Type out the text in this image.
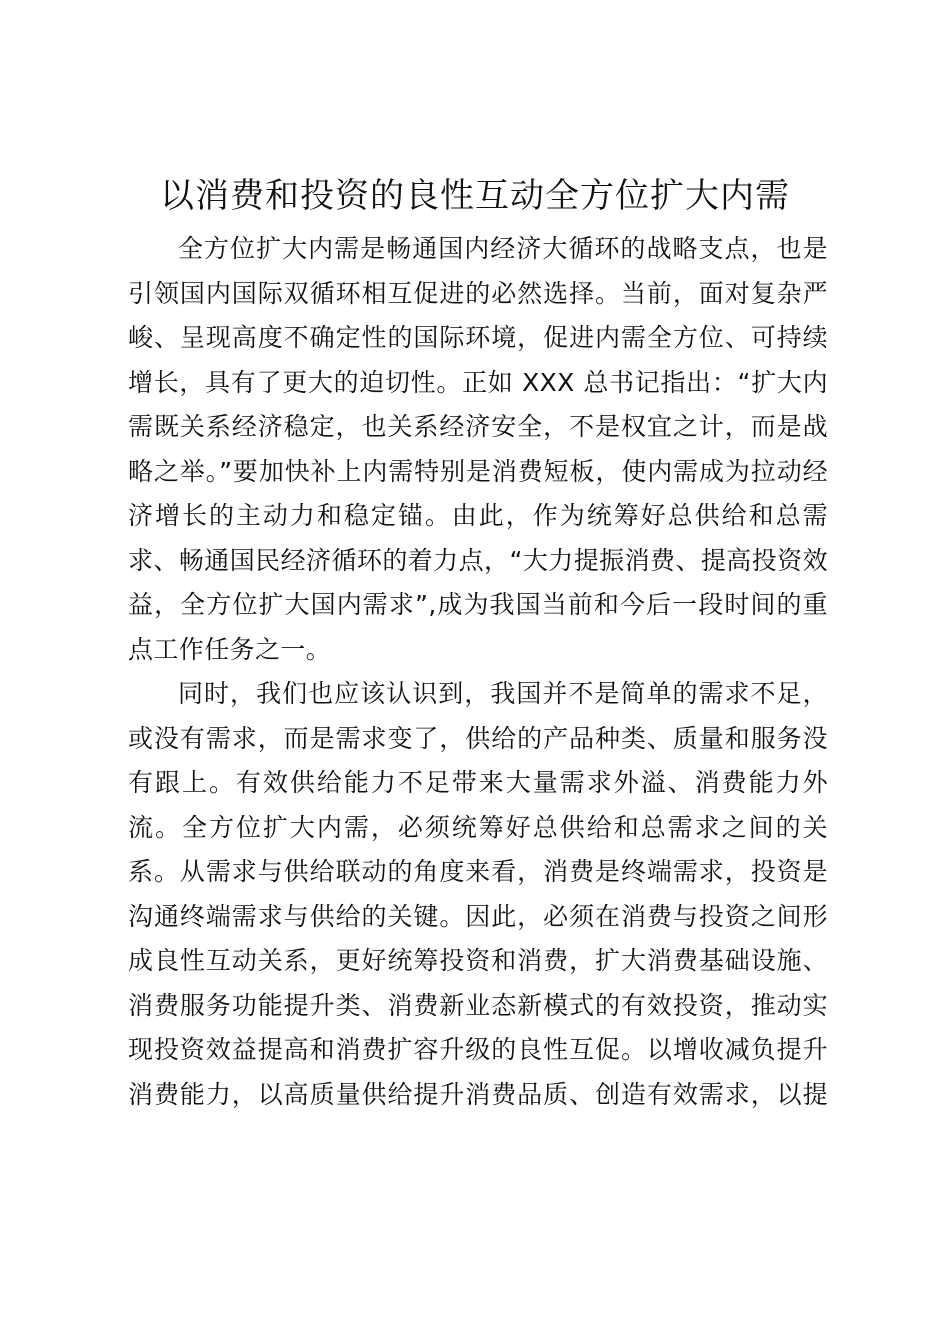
以消费和投资的良性互动全方位扩大内需
全方位扩大内需是畅通国内经济大循环的战略支点，也是
引领国内国际双循环相互促进的必然选择。当前，面对复杂严
峻、呈现高度不确定性的国际环境，促进内需全方位、可持续
增长，具有了更大的迫切性。正如 XXX 总书记指出：“扩大内
需既关系经济稳定，也关系经济安全，不是权宜之计，而是战
略之举。”要加快补上内需特别是消费短板，使内需成为拉动经
济增长的主动力和稳定锚。由此，作为统筹好总供给和总需
求、畅通国民经济循环的着力点，“大力提振消费、提高投资效
益，全方位扩大国内需求”,成为我国当前和今后一段时间的重
点工作任务之一。
同时，我们也应该认识到，我国并不是简单的需求不足，
或没有需求，而是需求变了，供给的产品种类、质量和服务没
有跟上。有效供给能力不足带来大量需求外溢、消费能力外
流。全方位扩大内需，必须统筹好总供给和总需求之间的关
系。从需求与供给联动的角度来看，消费是终端需求，投资是
沟通终端需求与供给的关键。因此，必须在消费与投资之间形
成良性互动关系，更好统筹投资和消费，扩大消费基础设施、
消费服务功能提升类、消费新业态新模式的有效投资，推动实
现投资效益提高和消费扩容升级的良性互促。以增收减负提升
消费能力，以高质量供给提升消费品质、创造有效需求，以提
